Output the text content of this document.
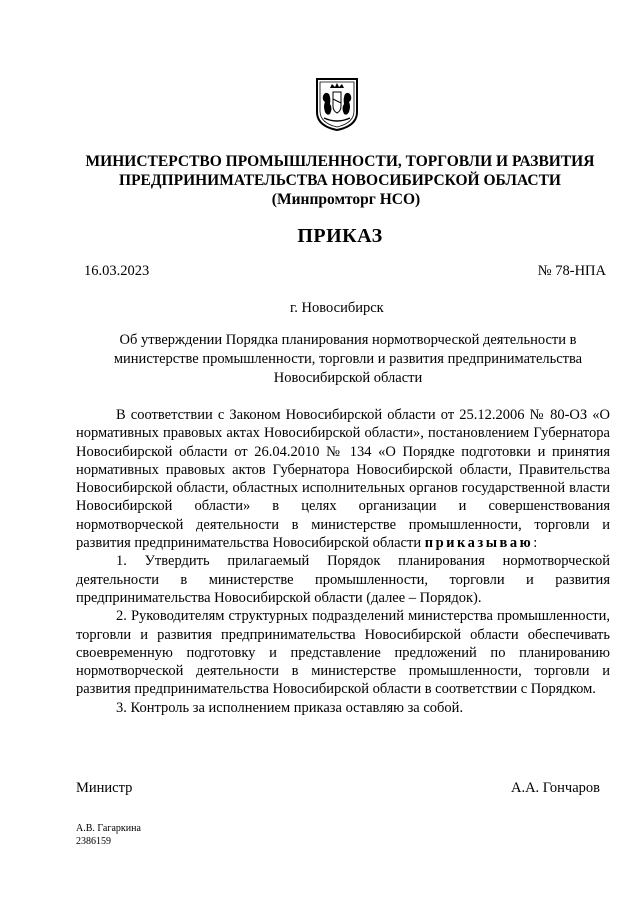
МИНИСТЕРСТВО ПРОМЫШЛЕННОСТИ, ТОРГОВЛИ И РАЗВИТИЯ
ПРЕДПРИНИМАТЕЛЬСТВА НОВОСИБИРСКОЙ ОБЛАСТИ
(Минпромторг НСО)
ПРИКАЗ
16.03.2023	№ 78-НПА
г. Новосибирск
Об утверждении Порядка планирования нормотворческой деятельности в министерстве промышленности, торговли и развития предпринимательства Новосибирской области

В соответствии с Законом Новосибирской области от 25.12.2006 № 80-ОЗ «О нормативных правовых актах Новосибирской области», постановлением Губернатора Новосибирской области от 26.04.2010 № 134 «О Порядке подготовки и принятия нормативных правовых актов Губернатора Новосибирской области, Правительства Новосибирской области, областных исполнительных органов государственной власти Новосибирской области» в целях организации и совершенствования нормотворческой деятельности в министерстве промышленности, торговли и развития предпринимательства Новосибирской области приказываю:

1. Утвердить прилагаемый Порядок планирования нормотворческой деятельности в министерстве промышленности, торговли и развития предпринимательства Новосибирской области (далее – Порядок).

2. Руководителям структурных подразделений министерства промышленности, торговли и развития предпринимательства Новосибирской области обеспечивать своевременную подготовку и представление предложений по планированию нормотворческой деятельности в министерстве промышленности, торговли и развития предпринимательства Новосибирской области в соответствии с Порядком.

3. Контроль за исполнением приказа оставляю за собой.

Министр	А.А. Гончаров
А.В. Гагаркина
2386159
